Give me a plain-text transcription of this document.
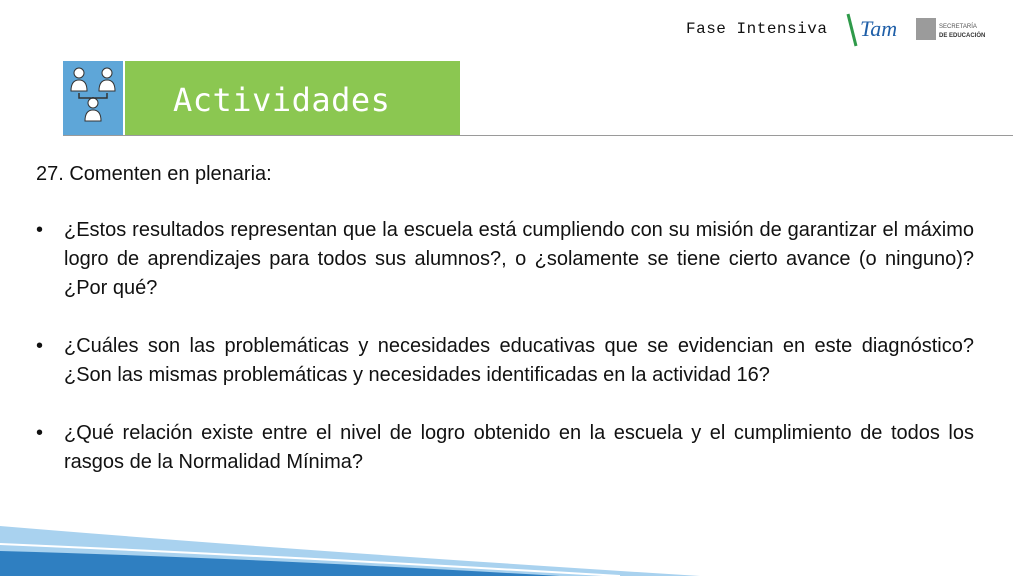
Fase Intensiva Tam	SECRETARÍA
DE EDUCACIÓN
Actividades
27. Comenten en plenaria:
• ¿Estos resultados representan que la escuela está cumpliendo con su misión de garantizar el máximo logro de aprendizajes para todos sus alumnos?, o ¿solamente se tiene cierto avance (o ninguno)? ¿Por qué?
• ¿Cuáles son las problemáticas y necesidades educativas que se evidencian en este diagnóstico? ¿Son las mismas problemáticas y necesidades identificadas en la actividad 16?
• ¿Qué relación existe entre el nivel de logro obtenido en la escuela y el cumplimiento de todos los rasgos de la Normalidad Mínima?
